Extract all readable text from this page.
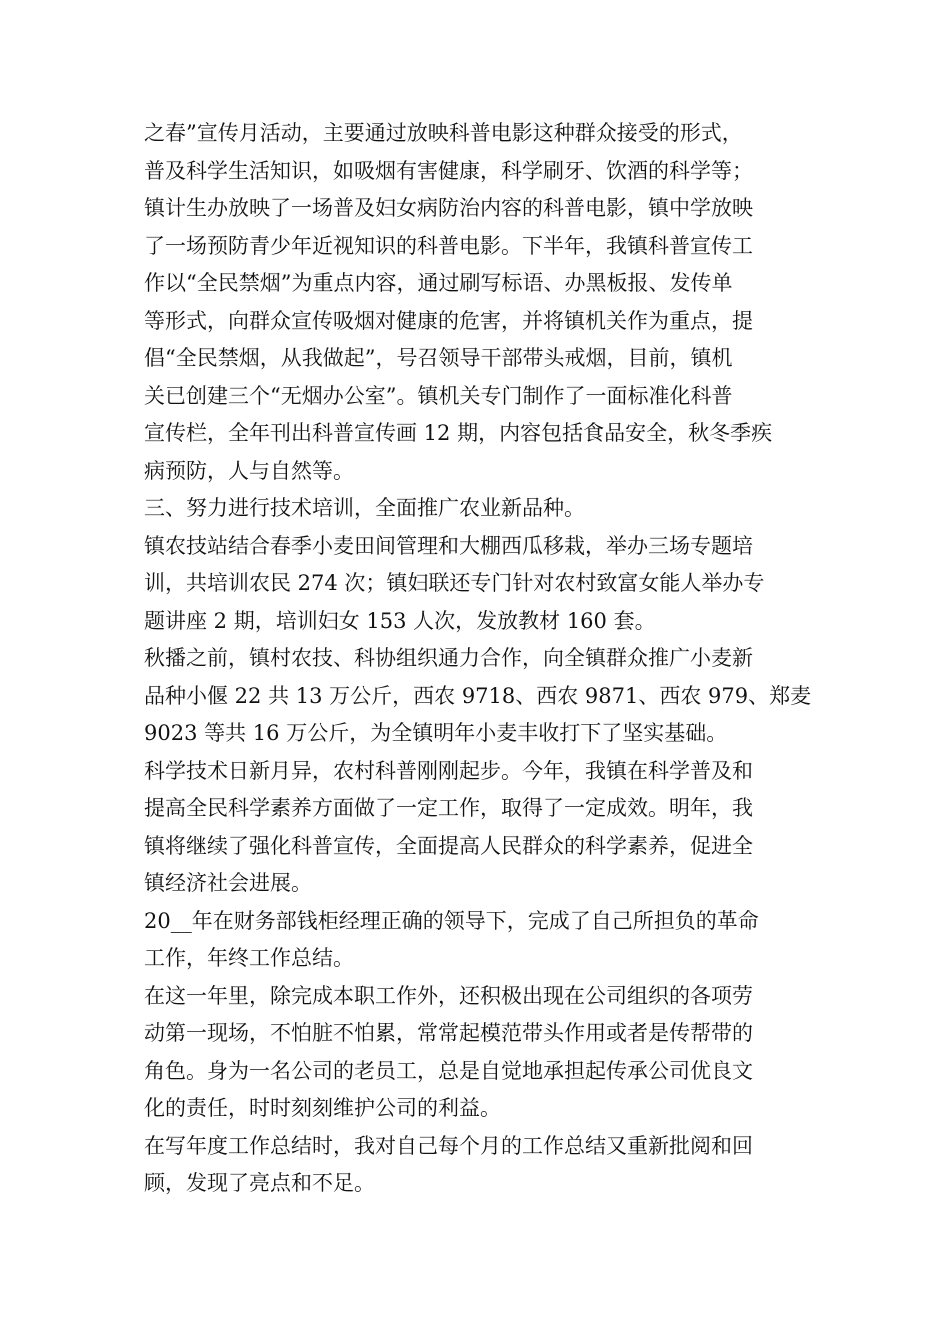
之春”宣传月活动，主要通过放映科普电影这种群众接受的形式，
普及科学生活知识，如吸烟有害健康，科学刷牙、饮酒的科学等；
镇计生办放映了一场普及妇女病防治内容的科普电影，镇中学放映
了一场预防青少年近视知识的科普电影。下半年，我镇科普宣传工
作以“全民禁烟”为重点内容，通过刷写标语、办黑板报、发传单
等形式，向群众宣传吸烟对健康的危害，并将镇机关作为重点，提
倡“全民禁烟，从我做起”，号召领导干部带头戒烟，目前，镇机
关已创建三个“无烟办公室”。镇机关专门制作了一面标准化科普
宣传栏，全年刊出科普宣传画 12 期，内容包括食品安全，秋冬季疾
病预防，人与自然等。
三、努力进行技术培训，全面推广农业新品种。
镇农技站结合春季小麦田间管理和大棚西瓜移栽，举办三场专题培
训，共培训农民 274 次；镇妇联还专门针对农村致富女能人举办专
题讲座 2 期，培训妇女 153 人次，发放教材 160 套。
秋播之前，镇村农技、科协组织通力合作，向全镇群众推广小麦新
品种小偃 22 共 13 万公斤，西农 9718、西农 9871、西农 979、郑麦
9023 等共 16 万公斤，为全镇明年小麦丰收打下了坚实基础。
科学技术日新月异，农村科普刚刚起步。今年，我镇在科学普及和
提高全民科学素养方面做了一定工作，取得了一定成效。明年，我
镇将继续了强化科普宣传，全面提高人民群众的科学素养，促进全
镇经济社会进展。
20__年在财务部钱柜经理正确的领导下，完成了自己所担负的革命
工作，年终工作总结。
在这一年里，除完成本职工作外，还积极出现在公司组织的各项劳
动第一现场，不怕脏不怕累，常常起模范带头作用或者是传帮带的
角色。身为一名公司的老员工，总是自觉地承担起传承公司优良文
化的责任，时时刻刻维护公司的利益。
在写年度工作总结时，我对自己每个月的工作总结又重新批阅和回
顾，发现了亮点和不足。
